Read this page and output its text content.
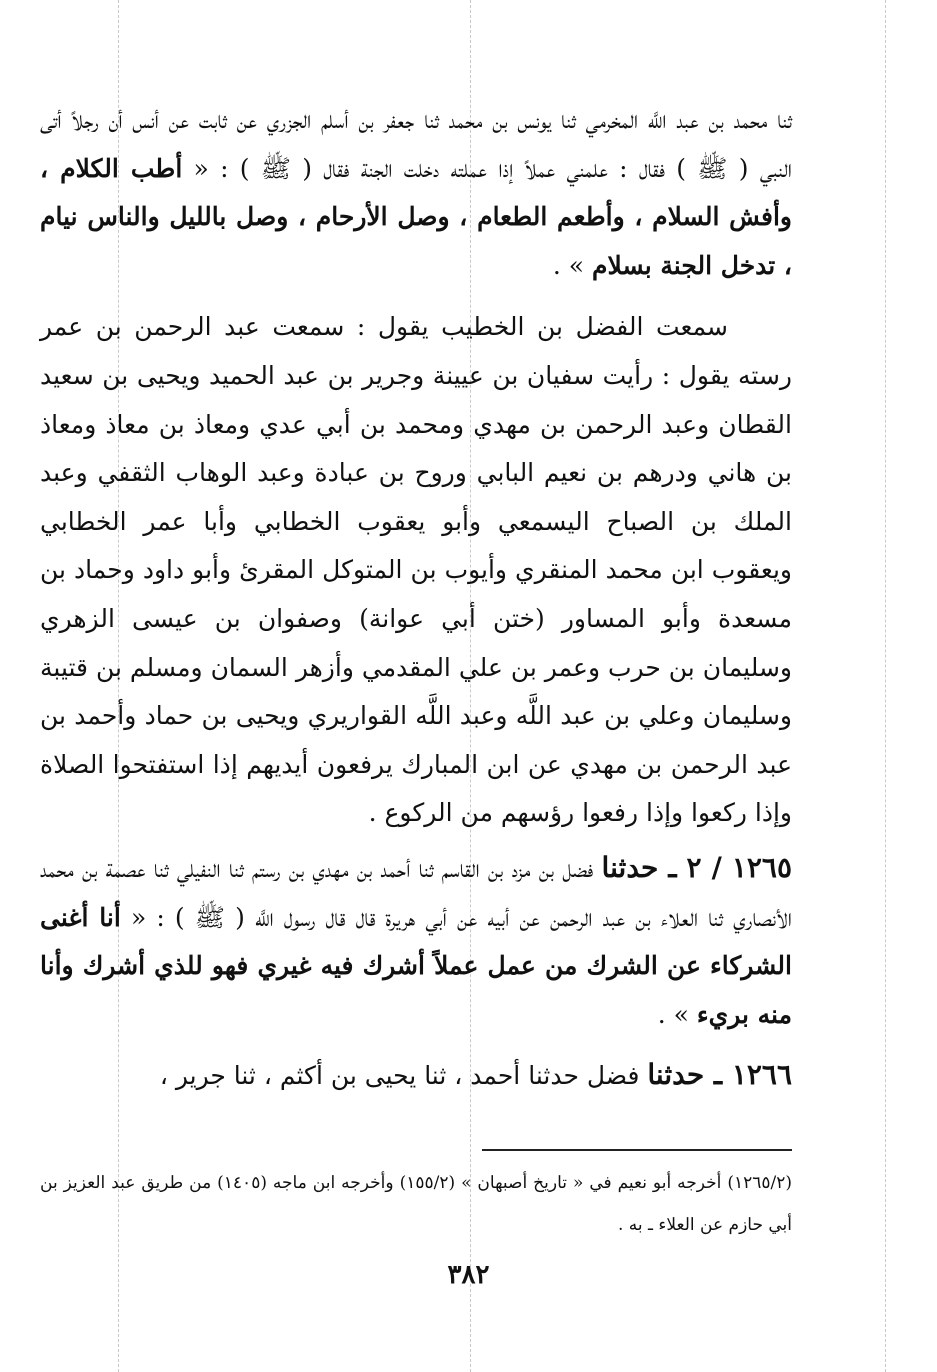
ثنا محمد بن عبد اللَّه المخرمي ثنا يونس بن محمد ثنا جعفر بن أسلم الجزري عن ثابت عن أنس أن رجلاً أتى النبي ( ﷺ ) فقال : علمني عملاً إذا عملته دخلت الجنة فقال ( ﷺ ) : « أطب الكلام ، وأفش السلام ، وأطعم الطعام ، وصل الأرحام ، وصل بالليل والناس نيام ، تدخل الجنة بسلام » .

سمعت الفضل بن الخطيب يقول : سمعت عبد الرحمن بن عمر رسته يقول : رأيت سفيان بن عيينة وجرير بن عبد الحميد ويحيى بن سعيد القطان وعبد الرحمن بن مهدي ومحمد بن أبي عدي ومعاذ بن معاذ ومعاذ بن هاني ودرهم بن نعيم البابي وروح بن عبادة وعبد الوهاب الثقفي وعبد الملك بن الصباح اليسمعي وأبو يعقوب الخطابي وأبا عمر الخطابي ويعقوب ابن محمد المنقري وأيوب بن المتوكل المقرئ وأبو داود وحماد بن مسعدة وأبو المساور (ختن أبي عوانة) وصفوان بن عيسى الزهري وسليمان بن حرب وعمر بن علي المقدمي وأزهر السمان ومسلم بن قتيبة وسليمان وعلي بن عبد اللَّه وعبد اللَّه القواريري ويحيى بن حماد وأحمد بن عبد الرحمن بن مهدي عن ابن المبارك يرفعون أيديهم إذا استفتحوا الصلاة وإذا ركعوا وإذا رفعوا رؤسهم من الركوع .

١٢٦٥ / ٢ ـ حدثنا فضل بن مزد بن القاسم ثنا أحمد بن مهدي بن رستم ثنا النفيلي ثنا عصمة بن محمد الأنصاري ثنا العلاء بن عبد الرحمن عن أبيه عن أبي هريرة قال قال رسول اللَّه ( ﷺ ) : « أنا أغنى الشركاء عن الشرك من عمل عملاً أشرك فيه غيري فهو للذي أشرك وأنا منه بريء » .

١٢٦٦ ـ حدثنا فضل حدثنا أحمد ، ثنا يحيى بن أكثم ، ثنا جرير ،

(١٢٦٥/٢) أخرجه أبو نعيم في « تاريخ أصبهان » (١٥٥/٢) وأخرجه ابن ماجه (١٤٠٥) من طريق عبد العزيز بن أبي حازم عن العلاء ـ به .

٣٨٢
